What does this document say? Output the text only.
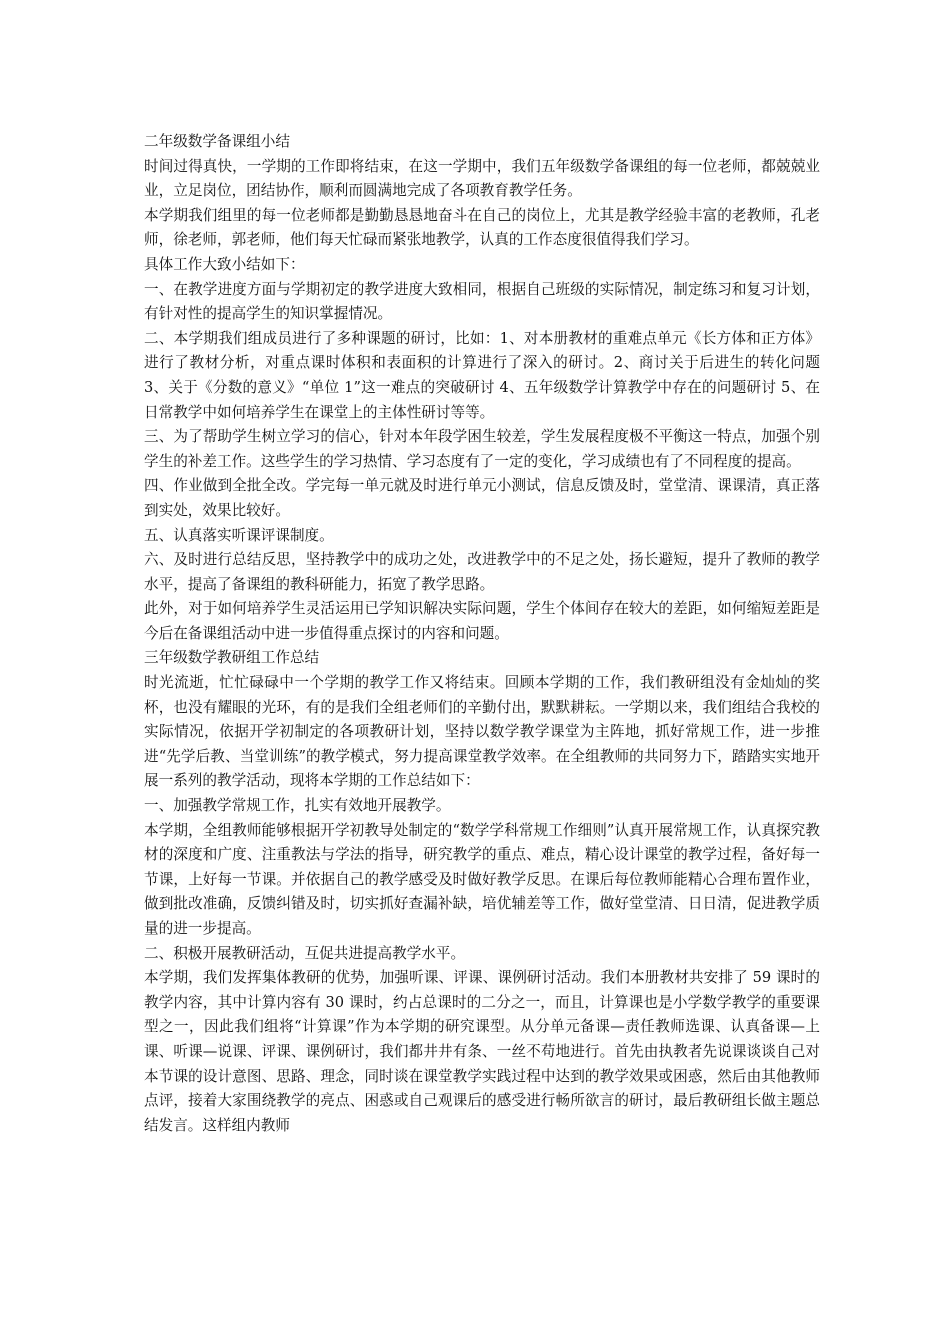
二年级数学备课组小结

时间过得真快，一学期的工作即将结束，在这一学期中，我们五年级数学备课组的每一位老师，都兢兢业业，立足岗位，团结协作，顺利而圆满地完成了各项教育教学任务。

本学期我们组里的每一位老师都是勤勤恳恳地奋斗在自己的岗位上，尤其是教学经验丰富的老教师，孔老师，徐老师，郭老师，他们每天忙碌而紧张地教学，认真的工作态度很值得我们学习。

具体工作大致小结如下：

一、在教学进度方面与学期初定的教学进度大致相同，根据自己班级的实际情况，制定练习和复习计划，有针对性的提高学生的知识掌握情况。

二、本学期我们组成员进行了多种课题的研讨，比如：1、对本册教材的重难点单元《长方体和正方体》进行了教材分析，对重点课时体积和表面积的计算进行了深入的研讨。2、商讨关于后进生的转化问题 3、关于《分数的意义》“单位 1”这一难点的突破研讨 4、五年级数学计算教学中存在的问题研讨 5、在日常教学中如何培养学生在课堂上的主体性研讨等等。

三、为了帮助学生树立学习的信心，针对本年段学困生较差，学生发展程度极不平衡这一特点，加强个别学生的补差工作。这些学生的学习热情、学习态度有了一定的变化，学习成绩也有了不同程度的提高。

四、作业做到全批全改。学完每一单元就及时进行单元小测试，信息反馈及时，堂堂清、课课清，真正落到实处，效果比较好。

五、认真落实听课评课制度。

六、及时进行总结反思，坚持教学中的成功之处，改进教学中的不足之处，扬长避短，提升了教师的教学水平，提高了备课组的教科研能力，拓宽了教学思路。

此外，对于如何培养学生灵活运用已学知识解决实际问题，学生个体间存在较大的差距，如何缩短差距是今后在备课组活动中进一步值得重点探讨的内容和问题。

三年级数学教研组工作总结

时光流逝，忙忙碌碌中一个学期的教学工作又将结束。回顾本学期的工作，我们教研组没有金灿灿的奖杯，也没有耀眼的光环，有的是我们全组老师们的辛勤付出，默默耕耘。一学期以来，我们组结合我校的实际情况，依据开学初制定的各项教研计划，坚持以数学教学课堂为主阵地，抓好常规工作，进一步推进“先学后教、当堂训练”的教学模式，努力提高课堂教学效率。在全组教师的共同努力下，踏踏实实地开展一系列的教学活动，现将本学期的工作总结如下：

一、加强教学常规工作，扎实有效地开展教学。

本学期，全组教师能够根据开学初教导处制定的“数学学科常规工作细则”认真开展常规工作，认真探究教材的深度和广度、注重教法与学法的指导，研究教学的重点、难点，精心设计课堂的教学过程，备好每一节课，上好每一节课。并依据自己的教学感受及时做好教学反思。在课后每位教师能精心合理布置作业，做到批改准确，反馈纠错及时，切实抓好查漏补缺，培优辅差等工作，做好堂堂清、日日清，促进教学质量的进一步提高。

二、积极开展教研活动，互促共进提高教学水平。

本学期，我们发挥集体教研的优势，加强听课、评课、课例研讨活动。我们本册教材共安排了 59 课时的教学内容，其中计算内容有 30 课时，约占总课时的二分之一，而且，计算课也是小学数学教学的重要课型之一，因此我们组将“计算课”作为本学期的研究课型。从分单元备课—责任教师选课、认真备课—上课、听课—说课、评课、课例研讨，我们都井井有条、一丝不苟地进行。首先由执教者先说课谈谈自己对本节课的设计意图、思路、理念，同时谈在课堂教学实践过程中达到的教学效果或困惑，然后由其他教师点评，接着大家围绕教学的亮点、困惑或自己观课后的感受进行畅所欲言的研讨，最后教研组长做主题总结发言。这样组内教师
